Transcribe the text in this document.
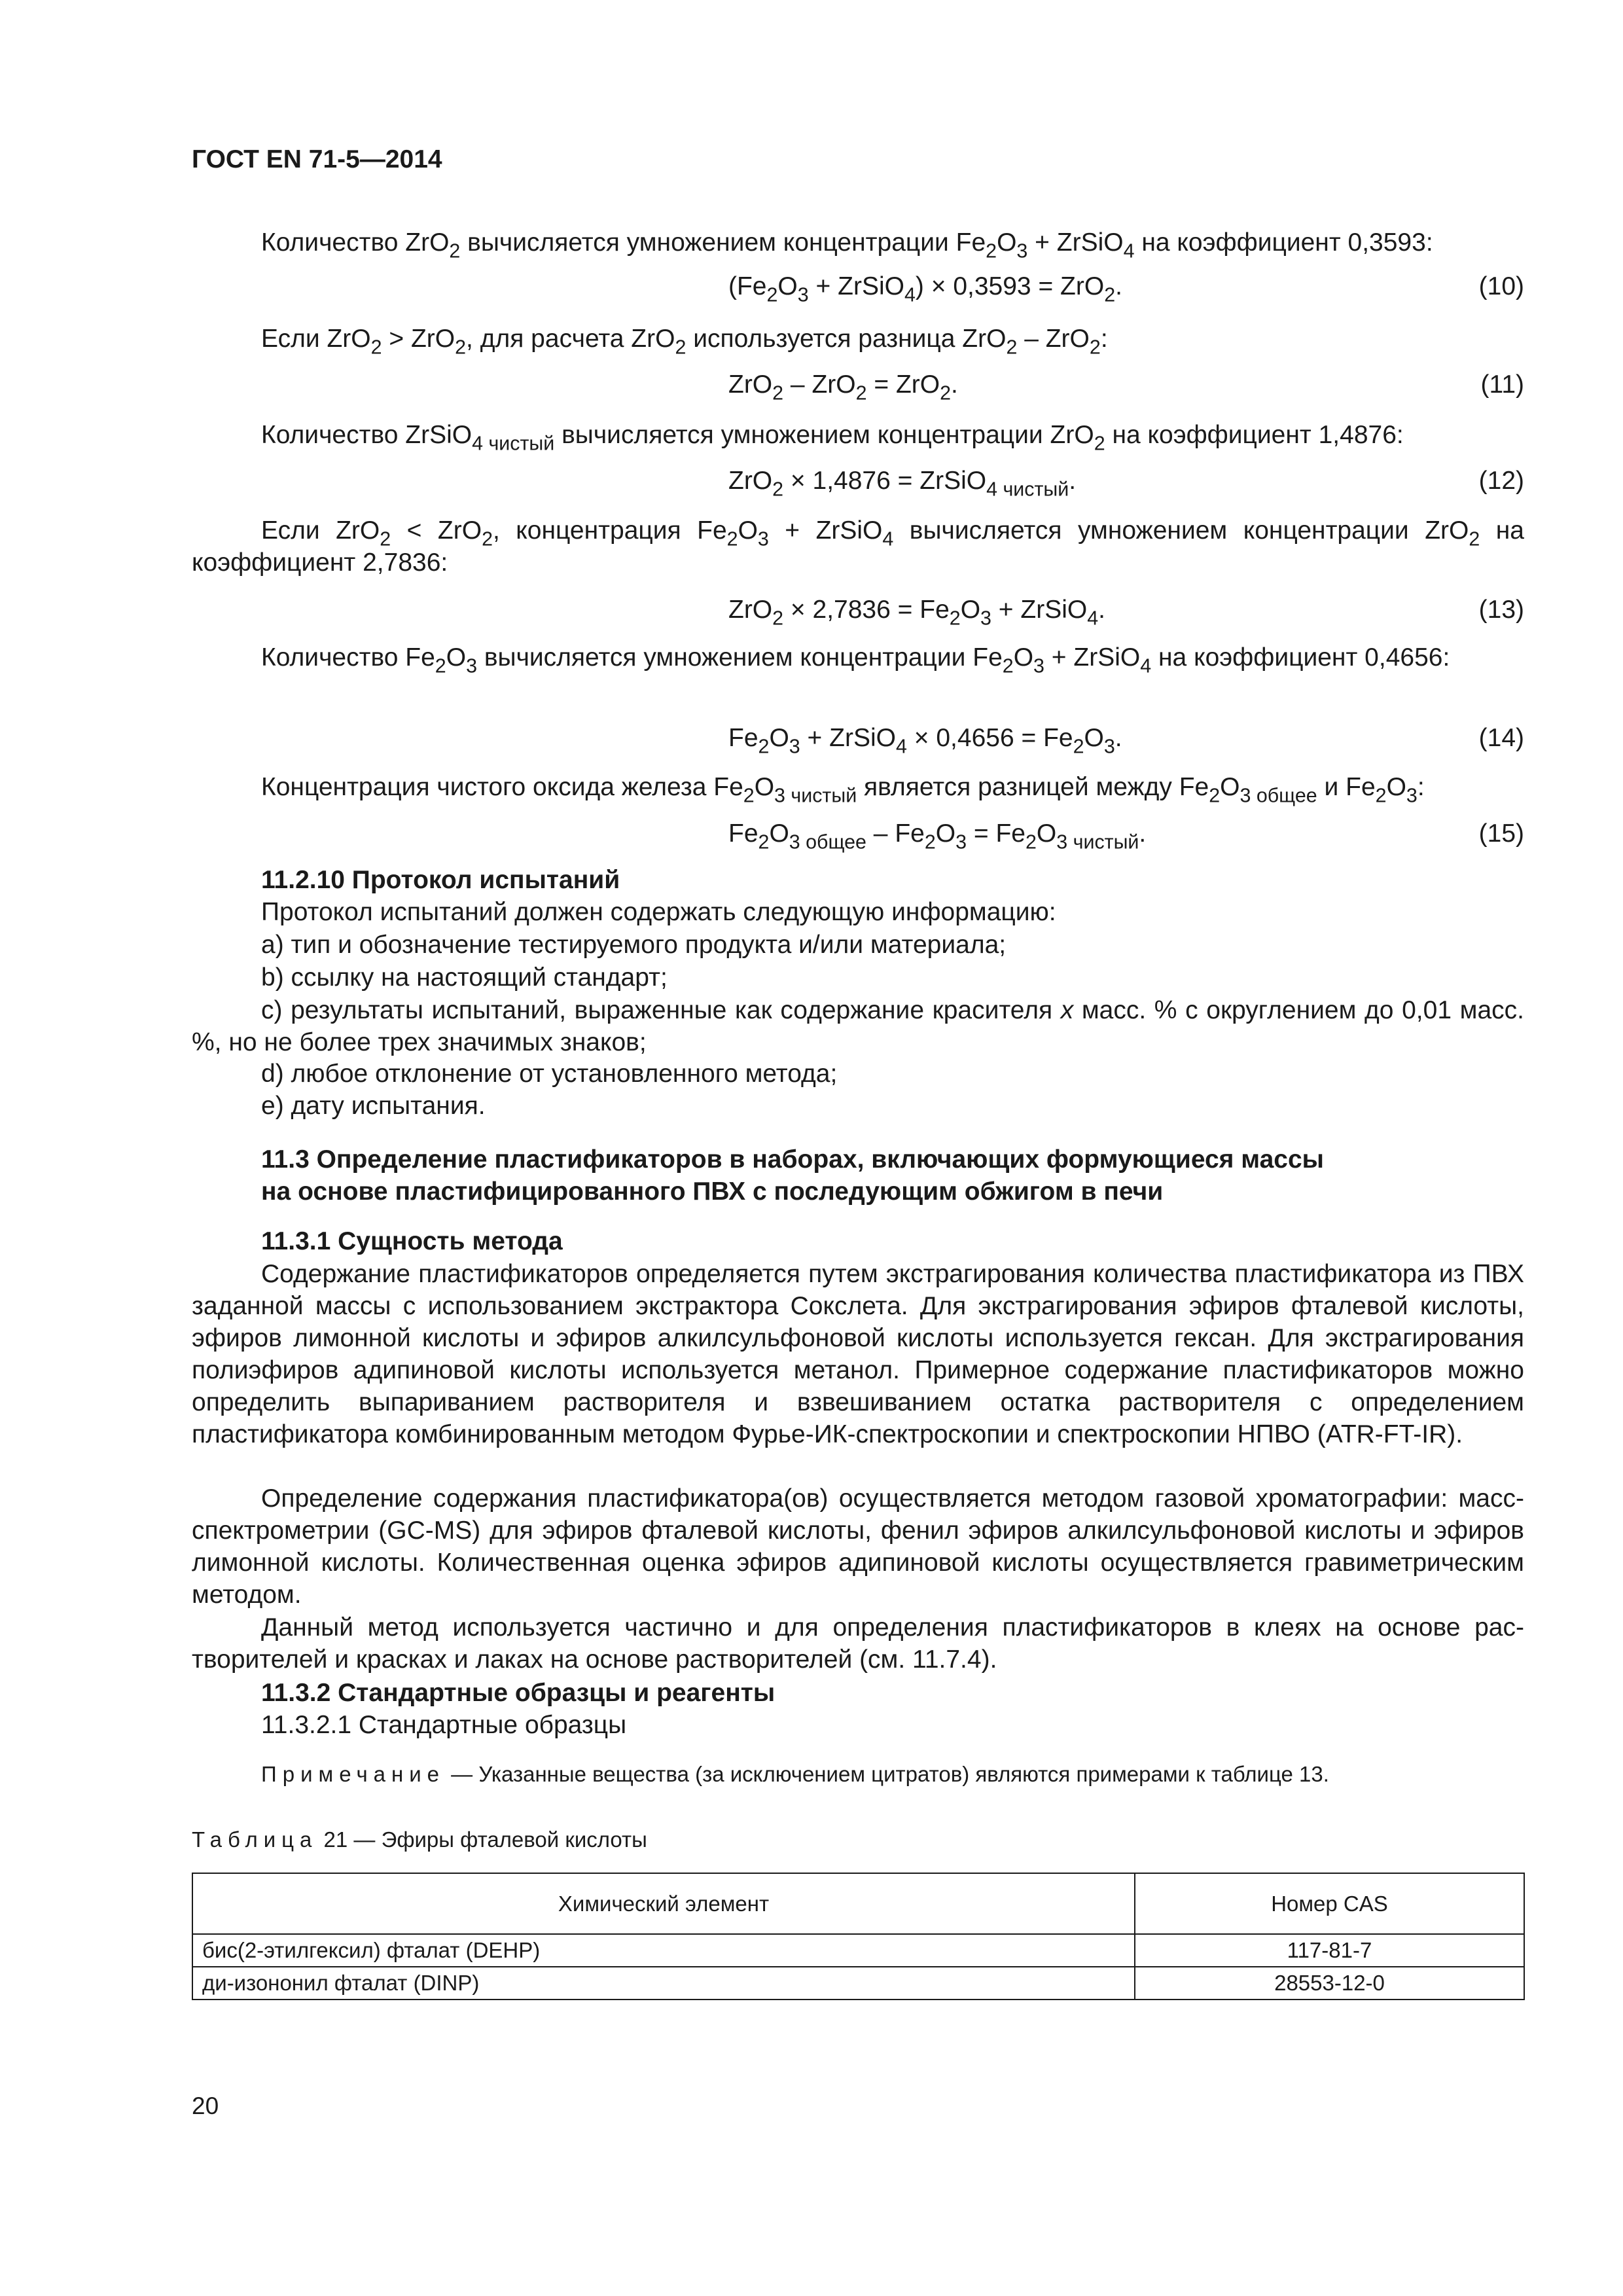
ГОСТ EN 71-5—2014
Количество ZrO$_2$ вычисляется умножением концентрации $Fe_2O_3$ + ZrSiO$_4$ на коэффициент 0,3593:
($Fe_2O_3$ + ZrSiO$_4$) × 0,3593 = ZrO$_2$.	(10)
Если ZrO$_2$ > ZrO$_2$, для расчета ZrO$_2$ используется разница ZrO$_2$ – ZrO$_2$:
ZrO$_2$ – ZrO$_2$ = ZrO$_2$.	(11)
Количество ZrSiO$_{4 чистый}$ вычисляется умножением концентрации ZrO$_2$ на коэффициент 1,4876:
ZrO$_2$ × 1,4876 = ZrSiO$_{4 чистый}$.	(12)
Если ZrO$_2$ < ZrO$_2$, концентрация $Fe_2O_3$ + ZrSiO$_4$ вычисляется умножением концентрации ZrO$_2$ на коэффициент 2,7836:
$ZrO_2 \times 2,7836 = Fe_2O_3$ + ZrSiO$_4$.	(13)
Количество $Fe_2O_3$ вычисляется умножением концентрации $Fe_2O_3$ + ZrSiO$_4$ на коэффициент 0,4656:
$Fe_2O_3$ + ZrSiO$_4$ × $0,4656 = Fe_2O_3$.	(14)
Концентрация чистого оксида железа $Fe_2O_{3 чистый}$ является разницей между $Fe_2O_{3 общее}$ и $Fe_2O_3$:
$Fe_2O_{3 общее} - Fe_2O_3 = Fe_2O_{3 чистый}$.	(15)
11.2.10 Протокол испытаний
Протокол испытаний должен содержать следующую информацию:
a) тип и обозначение тестируемого продукта и/или материала;
b) ссылку на настоящий стандарт;
c) результаты испытаний, выраженные как содержание красителя x масс. % с округлением до 0,01 масс. %, но не более трех значимых знаков;
d) любое отклонение от установленного метода;
e) дату испытания.
11.3 Определение пластификаторов в наборах, включающих формующиеся массы
на основе пластифицированного ПВХ с последующим обжигом в печи
11.3.1 Сущность метода
Содержание пластификаторов определяется путем экстрагирования количества пластификатора из ПВХ заданной массы с использованием экстрактора Сокслета. Для экстрагирования эфиров фталевой кислоты, эфиров лимонной кислоты и эфиров алкилсульфоновой кислоты используется гексан. Для экстрагирования полиэфиров адипиновой кислоты используется метанол. Примерное содержание пластификаторов можно определить выпариванием растворителя и взвешиванием остатка растворителя с определением пластификатора комбинированным методом Фурье-ИК-спектроскопии и спектроскопии НПВО (ATR-FT-IR).
Определение содержания пластификатора(ов) осуществляется методом газовой хроматографии: масс-спектрометрии (GC-MS) для эфиров фталевой кислоты, фенил эфиров алкилсульфоновой кислоты и эфиров лимонной кислоты. Количественная оценка эфиров адипиновой кислоты осуществляется гравиметрическим методом.
Данный метод используется частично и для определения пластификаторов в клеях на основе растворителей и красках и лаках на основе растворителей (см. 11.7.4).
11.3.2 Стандартные образцы и реагенты
11.3.2.1 Стандартные образцы
Примечание — Указанные вещества (за исключением цитратов) являются примерами к таблице 13.
Таблица 21 — Эфиры фталевой кислоты
Химический элемент	Номер CAS
бис(2-этилгексил) фталат (DEHP)	117-81-7
ди-изононил фталат (DINP)	28553-12-0
20
